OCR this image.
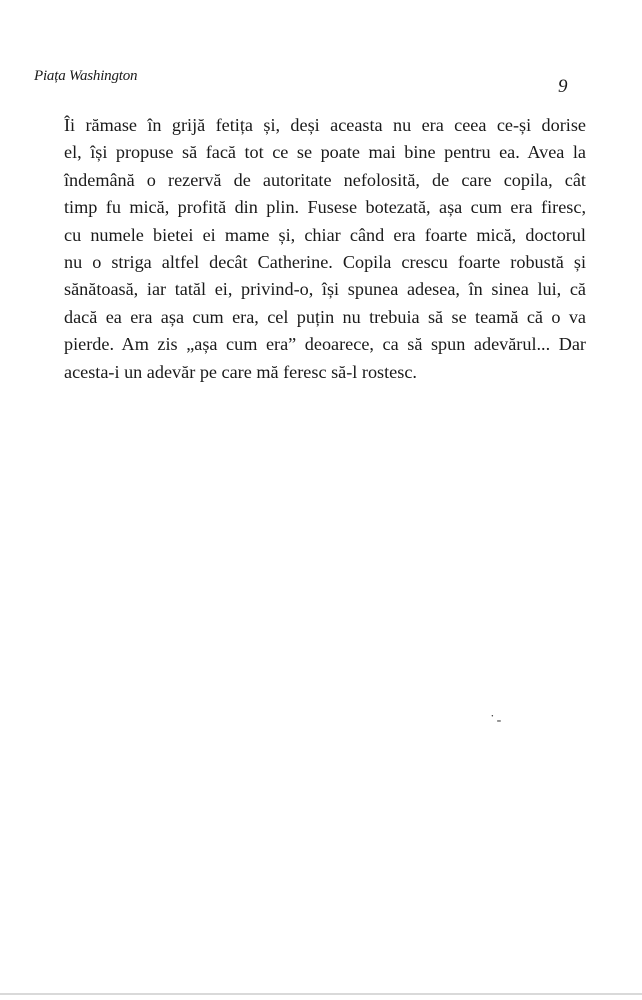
Piața Washington	9
Îi rămase în grijă fetița și, deși aceasta nu era ceea ce-și dorise
el, își propuse să facă tot ce se poate mai bine pentru ea. Avea la
îndemână o rezervă de autoritate nefolosită, de care copila, cât
timp fu mică, profită din plin. Fusese botezată, așa cum era firesc,
cu numele bietei ei mame și, chiar când era foarte mică, doctorul
nu o striga altfel decât Catherine. Copila crescu foarte robustă și
sănătoasă, iar tatăl ei, privind-o, își spunea adesea, în sinea lui, că
dacă ea era așa cum era, cel puțin nu trebuia să se teamă că o va
pierde. Am zis „așa cum era” deoarece, ca să spun adevărul... Dar
acesta-i un adevăr pe care mă feresc să-l rostesc.
˙-
